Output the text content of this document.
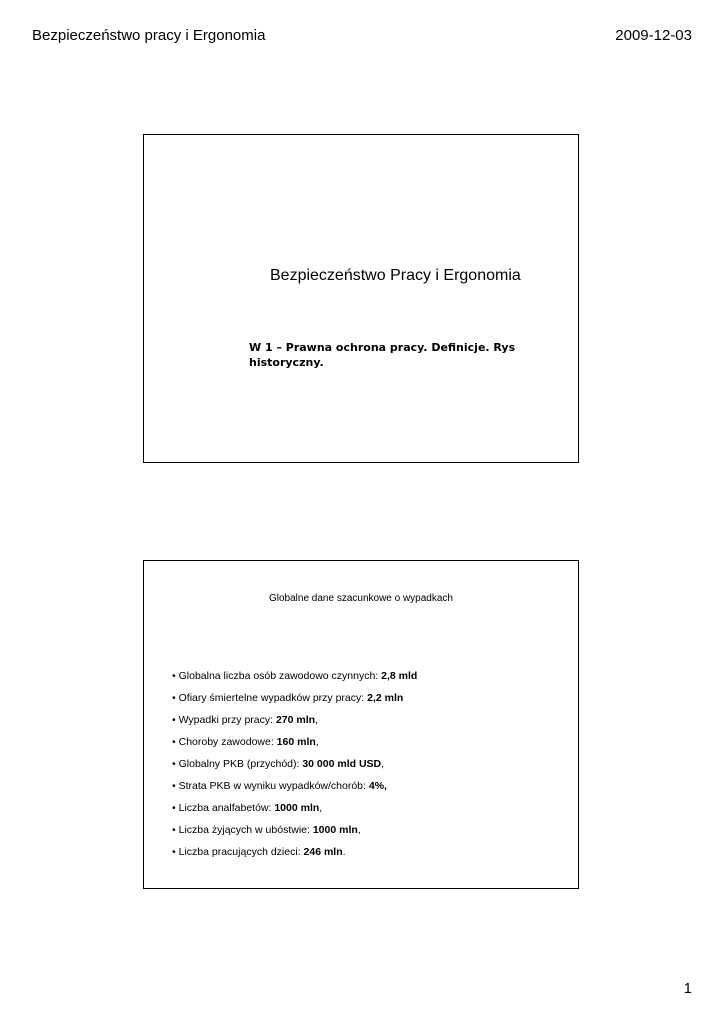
Bezpieczeństwo pracy i Ergonomia	2009-12-03
Bezpieczeństwo Pracy i Ergonomia
W 1 – Prawna ochrona pracy. Definicje. Rys historyczny.
Globalne dane szacunkowe o wypadkach
• Globalna liczba osób zawodowo czynnych: 2,8 mld
• Ofiary śmiertelne wypadków przy pracy: 2,2 mln
• Wypadki przy pracy: 270 mln,
• Choroby zawodowe: 160 mln,
• Globalny PKB (przychód): 30 000 mld USD,
• Strata PKB w wyniku wypadków/chorób: 4%,
• Liczba analfabetów: 1000 mln,
• Liczba żyjących w ubóstwie: 1000 mln,
• Liczba pracujących dzieci: 246 mln.
1
